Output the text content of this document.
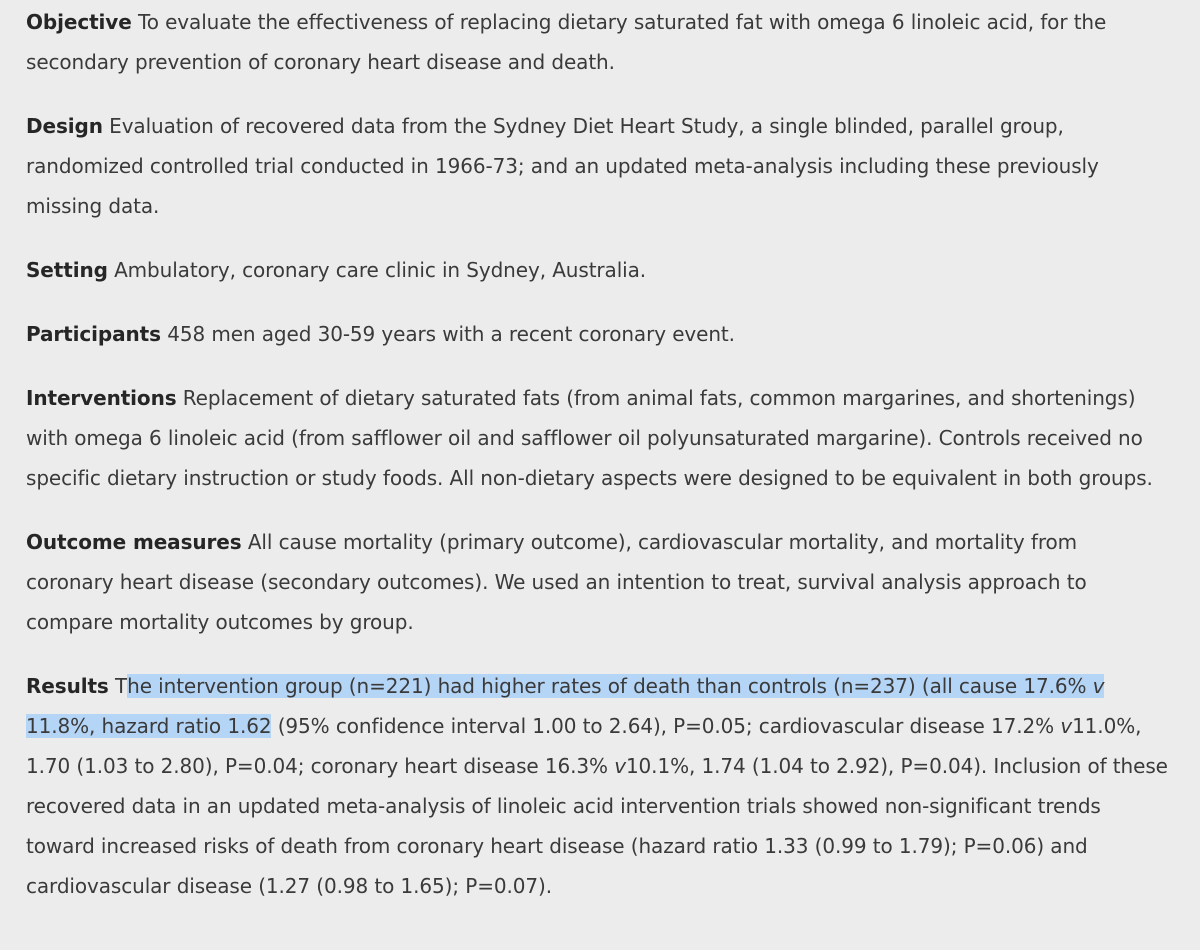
Objective To evaluate the effectiveness of replacing dietary saturated fat with omega 6 linoleic acid, for the secondary prevention of coronary heart disease and death.

Design Evaluation of recovered data from the Sydney Diet Heart Study, a single blinded, parallel group, randomized controlled trial conducted in 1966-73; and an updated meta-analysis including these previously missing data.

Setting Ambulatory, coronary care clinic in Sydney, Australia.

Participants 458 men aged 30-59 years with a recent coronary event.

Interventions Replacement of dietary saturated fats (from animal fats, common margarines, and shortenings) with omega 6 linoleic acid (from safflower oil and safflower oil polyunsaturated margarine). Controls received no specific dietary instruction or study foods. All non-dietary aspects were designed to be equivalent in both groups.

Outcome measures All cause mortality (primary outcome), cardiovascular mortality, and mortality from coronary heart disease (secondary outcomes). We used an intention to treat, survival analysis approach to compare mortality outcomes by group.

Results The intervention group (n=221) had higher rates of death than controls (n=237) (all cause 17.6% v 11.8%, hazard ratio 1.62 (95% confidence interval 1.00 to 2.64), P=0.05; cardiovascular disease 17.2% v11.0%, 1.70 (1.03 to 2.80), P=0.04; coronary heart disease 16.3% v10.1%, 1.74 (1.04 to 2.92), P=0.04). Inclusion of these recovered data in an updated meta-analysis of linoleic acid intervention trials showed non-significant trends toward increased risks of death from coronary heart disease (hazard ratio 1.33 (0.99 to 1.79); P=0.06) and cardiovascular disease (1.27 (0.98 to 1.65); P=0.07).
